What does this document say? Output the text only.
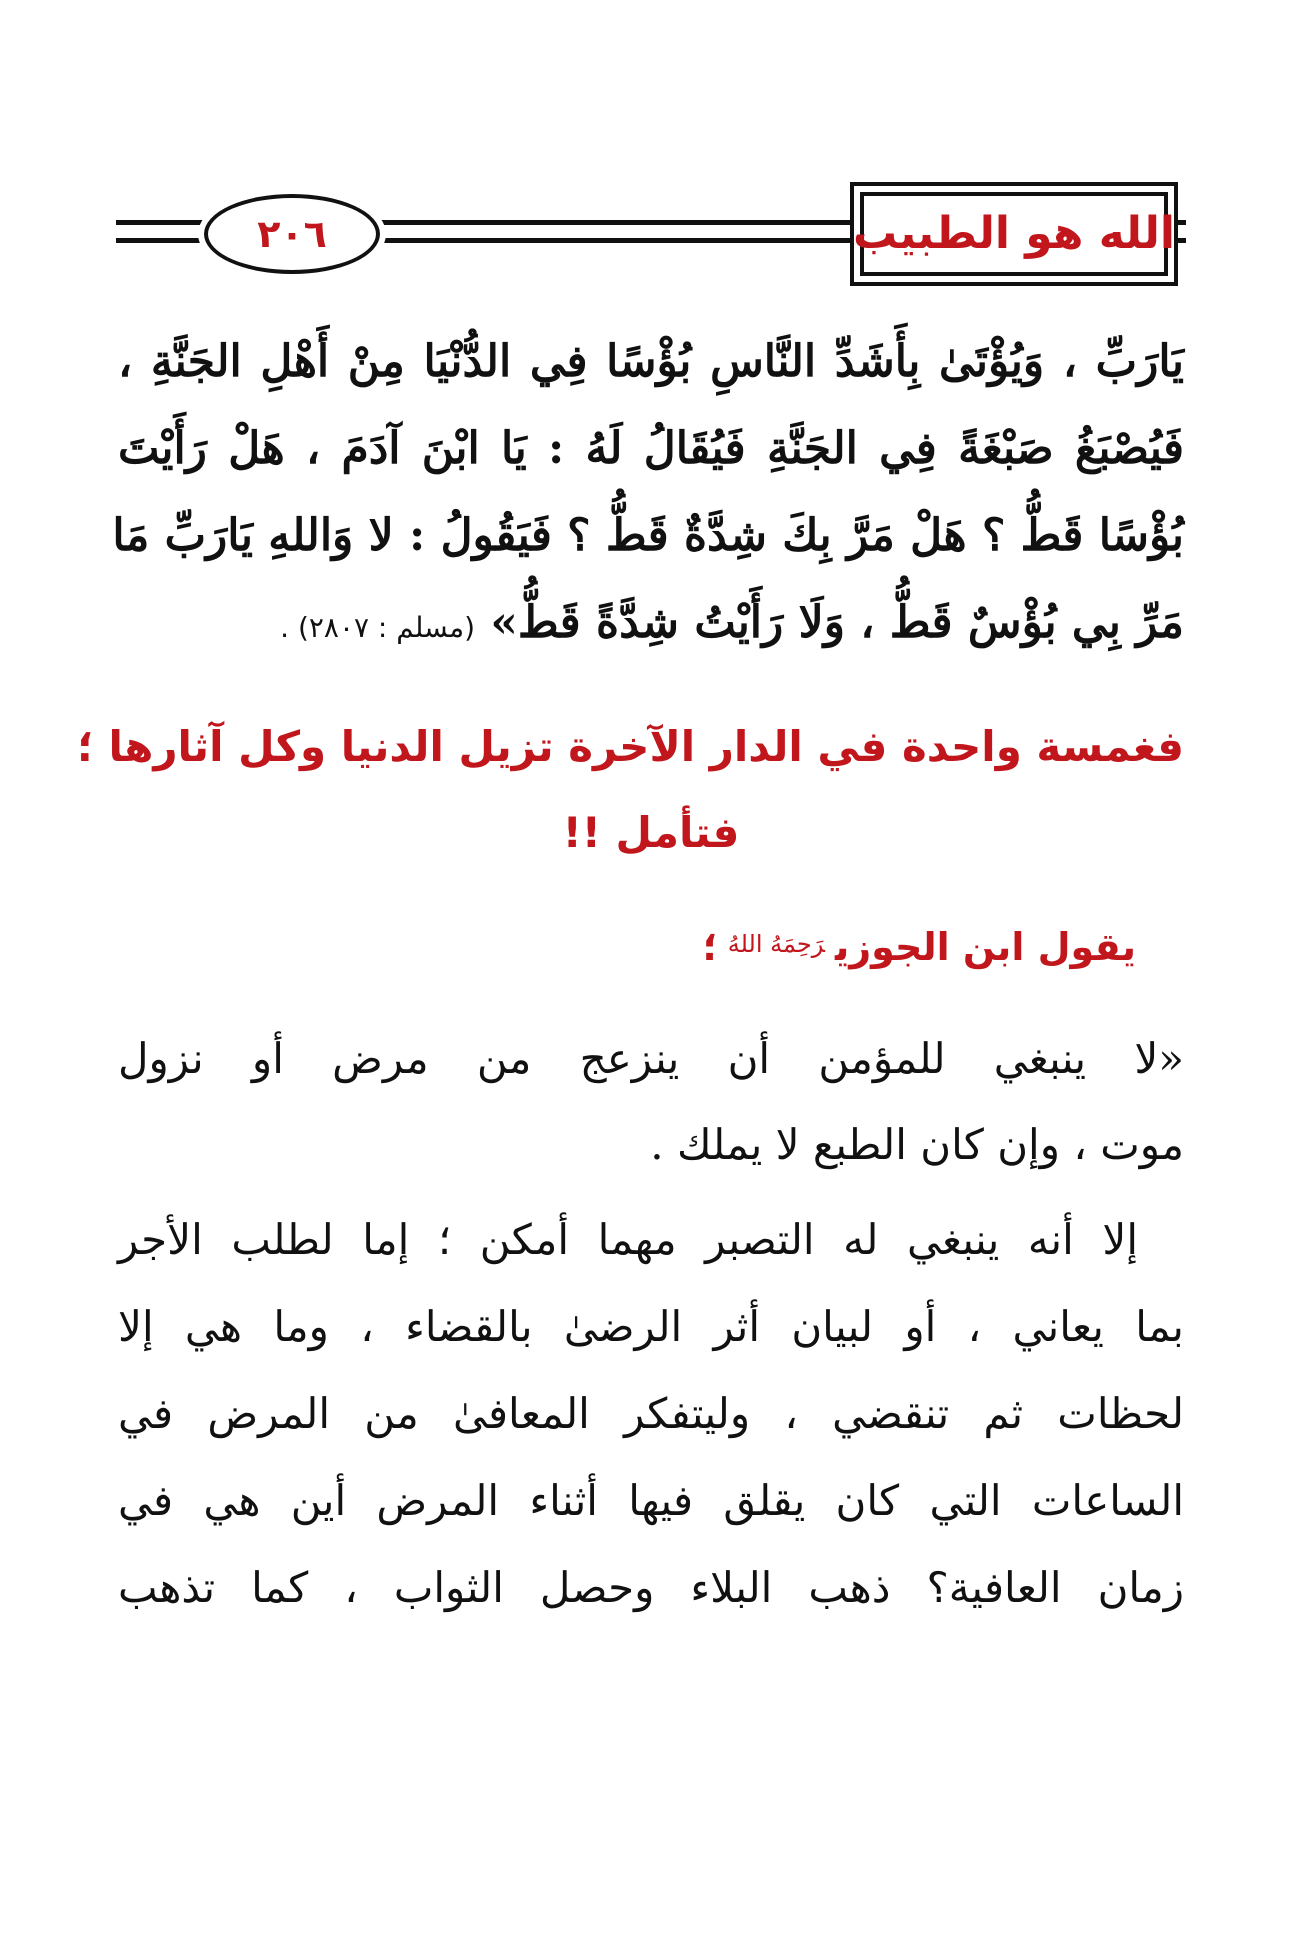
الله هو الطبيب
٢٠٦
يَارَبِّ ، وَيُؤْتَىٰ بِأَشَدِّ النَّاسِ بُؤْسًا فِي الدُّنْيَا مِنْ أَهْلِ الجَنَّةِ ،
فَيُصْبَغُ صَبْغَةً فِي الجَنَّةِ فَيُقَالُ لَهُ : يَا ابْنَ آدَمَ ، هَلْ رَأَيْتَ
بُؤْسًا قَطُّ ؟ هَلْ مَرَّ بِكَ شِدَّةٌ قَطُّ ؟ فَيَقُولُ : لا وَاللهِ يَارَبِّ مَا
مَرِّ بِي بُؤْسٌ قَطُّ ، وَلَا رَأَيْتُ شِدَّةً قَطُّ» (مسلم : ٢٨٠٧) .
فغمسة واحدة في الدار الآخرة تزيل الدنيا وكل آثارها ؛
فتأمل !!
يقول ابن الجوزي$^{رَحِمَهُ اللهُ}$؛
«لا ينبغي للمؤمن أن ينزعج من مرض أو نزول
موت ، وإن كان الطبع لا يملك .
إلا أنه ينبغي له التصبر مهما أمكن ؛ إما لطلب الأجر
بما يعاني ، أو لبيان أثر الرضىٰ بالقضاء ، وما هي إلا
لحظات ثم تنقضي ، وليتفكر المعافىٰ من المرض في
الساعات التي كان يقلق فيها أثناء المرض أين هي في
زمان العافية؟ ذهب البلاء وحصل الثواب ، كما تذهب
